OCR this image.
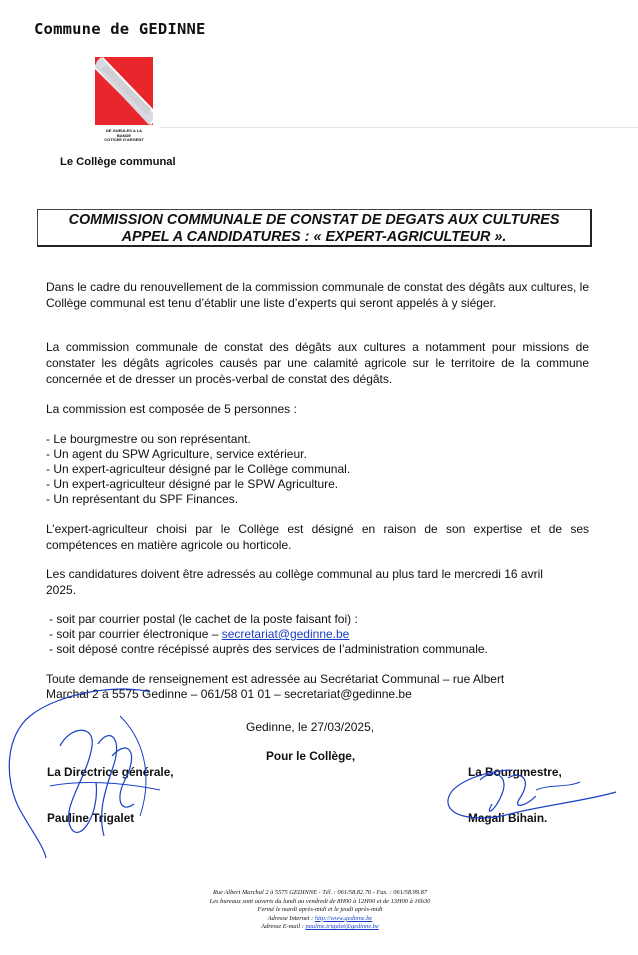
Commune de GEDINNE
DE GUEULES A LA
BANDE
COTICEE D'ARGENT
Le Collège communal
COMMISSION COMMUNALE DE CONSTAT DE DEGATS AUX CULTURES
APPEL A CANDIDATURES : « EXPERT-AGRICULTEUR ».
Dans le cadre du renouvellement de la commission communale de constat des dégâts aux cultures, le Collège communal est tenu d’établir une liste d’experts qui seront appelés à y siéger.
La commission communale de constat des dégâts aux cultures a notamment pour missions de constater les dégâts agricoles causés par une calamité agricole sur le territoire de la commune concernée et de dresser un procès-verbal de constat des dégâts.
La commission est composée de 5 personnes :
- Le bourgmestre ou son représentant.
- Un agent du SPW Agriculture, service extérieur.
- Un expert-agriculteur désigné par le Collège communal.
- Un expert-agriculteur désigné par le SPW Agriculture.
- Un représentant du SPF Finances.
L’expert-agriculteur choisi par le Collège est désigné en raison de son expertise et de ses compétences en matière agricole ou horticole.
Les candidatures doivent être adressés au collège communal au plus tard le mercredi 16 avril 2025.
- soit par courrier postal (le cachet de la poste faisant foi) :
- soit par courrier électronique – secretariat@gedinne.be
- soit déposé contre récépissé auprès des services de l’administration communale.
Toute demande de renseignement est adressée au Secrétariat Communal – rue Albert
Marchal 2 à 5575 Gedinne – 061/58 01 01 – secretariat@gedinne.be
Gedinne, le 27/03/2025,
Pour le Collège,
La Directrice générale,
Pauline Trigalet
La Bourgmestre,
Magali Bihain.
Rue Albert Marchal 2 à 5575 GEDINNE - Tél. : 061/58.82.76 - Fax. : 061/58.99.87
Les bureaux sont ouverts du lundi au vendredi de 8H00 à 12H00 et de 13H00 à 16h30
Fermé le mardi après-midi et le jeudi après-midi
Adresse Internet : http://www.gedinne.be
Adresse E-mail : pauline.trigalet@gedinne.be
